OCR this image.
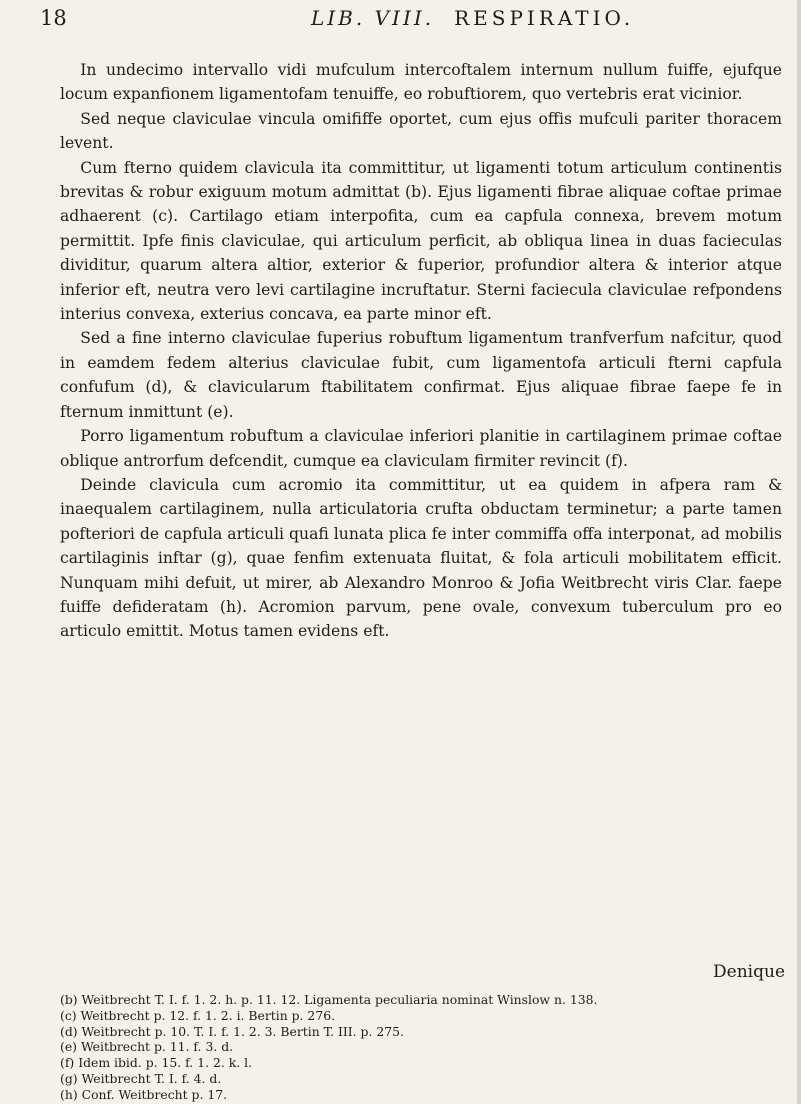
18	LIB. VIII. RESPIRATIO.

In undecimo intervallo vidi mufculum intercoftalem internum nullum fuiffe, ejufque locum expanfionem ligamentofam tenuiffe, eo robuftiorem, quo vertebris erat vicinior.

Sed neque claviculae vincula omififfe oportet, cum ejus offis mufculi pariter thoracem levent.

Cum fterno quidem clavicula ita committitur, ut ligamenti totum articulum continentis brevitas & robur exiguum motum admittat (b). Ejus ligamenti fibrae aliquae coftae primae adhaerent (c). Cartilago etiam interpofita, cum ea capfula connexa, brevem motum permittit. Ipfe finis claviculae, qui articulum perficit, ab obliqua linea in duas facieculas dividitur, quarum altera altior, exterior & fuperior, profundior altera & interior atque inferior eft, neutra vero levi cartilagine incruftatur. Sterni facieculа claviculae refpondens interius convexa, exterius concava, ea parte minor eft.

Sed a fine interno claviculae fuperius robuftum ligamentum tranfverfum nafcitur, quod in eamdem fedem alterius claviculae fubit, cum ligamentofa articuli fterni capfula confufum (d), & clavicularum ftabilitatem confirmat. Ejus aliquae fibrae faepe fe in fternum inmittunt (e).

Porro ligamentum robuftum a claviculae inferiori planitie in cartilaginem primae coftae oblique antrorfum defcendit, cumque ea claviculam firmiter revincit (f).

Deinde clavicula cum acromio ita committitur, ut ea quidem in afpera ram & inaequalem cartilaginem, nulla articulatoria crufta obductam terminetur; a parte tamen pofteriori de capfula articuli quafi lunata plica fe inter commiffa offa interponat, ad mobilis cartilaginis inftar (g), quae fenfim extenuata fluitat, & fola articuli mobilitatem efficit. Nunquam mihi defuit, ut mirer, ab Alexandro Monroo & Jofia Weitbrecht viris Clar. faepe fuiffe defideratam (h). Acromion parvum, pene ovale, convexum tuberculum pro eo articulo emittit. Motus tamen evidens eft.

Denique
(b) Weitbrecht T. I. f. 1. 2. h. p. 11. 12. Ligamenta peculiaria nominat Winslow n. 138.
(c) Weitbrecht p. 12. f. 1. 2. i. Bertin p. 276.
(d) Weitbrecht p. 10. T. I. f. 1. 2. 3. Bertin T. III. p. 275.
(e) Weitbrecht p. 11. f. 3. d.
(f) Idem ibid. p. 15. f. 1. 2. k. l.
(g) Weitbrecht T. I. f. 4. d.
(h) Conf. Weitbrecht p. 17.
